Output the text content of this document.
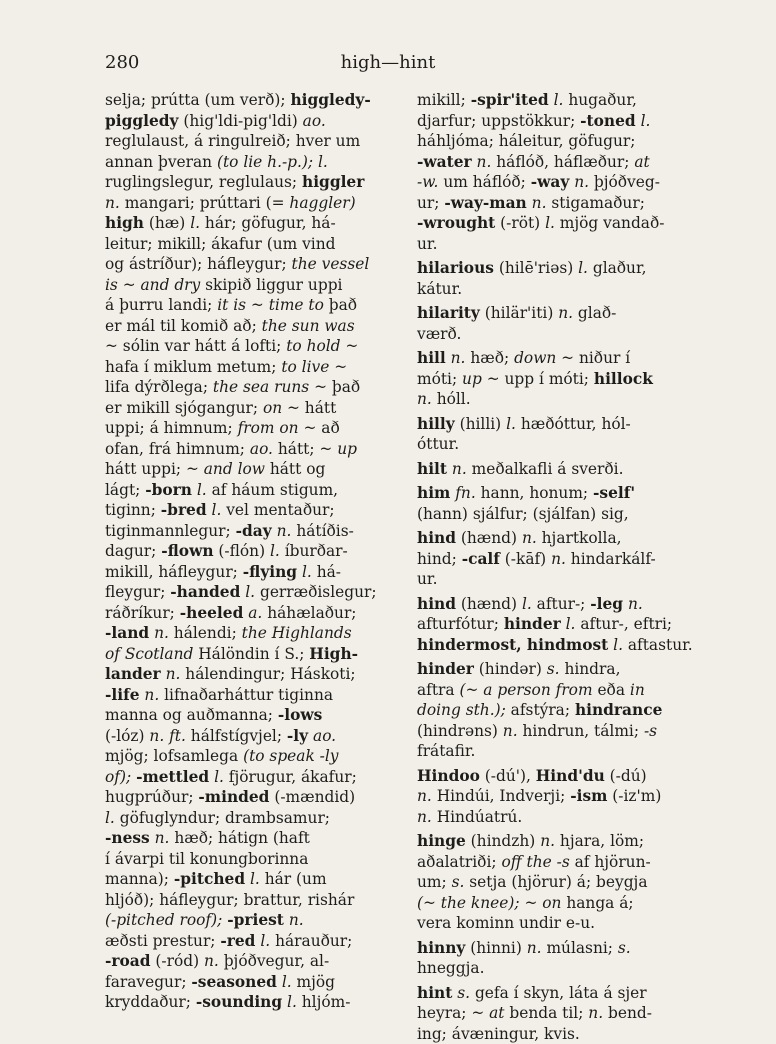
280	high—hint
selja; prútta (um verð); higgledy-
piggledy (hig'ldi-pig'ldi) ao.
reglulaust, á ringulreið; hver um
annan þveran (to lie h.-p.); l.
ruglingslegur, reglulaus; higgler
n. mangari; prúttari (= haggler)
high (hæ) l. hár; göfugur, há-
leitur; mikill; ákafur (um vind
og ástríður); háfleygur; the vessel
is ~ and dry skipið liggur uppi
á þurru landi; it is ~ time to það
er mál til komið að; the sun was
~ sólin var hátt á lofti; to hold ~
hafa í miklum metum; to live ~
lifa dýrðlega; the sea runs ~ það
er mikill sjógangur; on ~ hátt
uppi; á himnum; from on ~ að
ofan, frá himnum; ao. hátt; ~ up
hátt uppi; ~ and low hátt og
lágt; -born l. af háum stigum,
tiginn; -bred l. vel mentaður;
tiginmannlegur; -day n. hátíðis-
dagur; -flown (-flón) l. íburðar-
mikill, háfleygur; -flying l. há-
fleygur; -handed l. gerræðislegur;
ráðríkur; -heeled a. háhælaður;
-land n. hálendi; the Highlands
of Scotland Hálöndin í S.; High-
lander n. hálendingur; Háskoti;
-life n. lifnaðarháttur tiginna
manna og auðmanna; -lows
(-lóz) n. ft. hálfstígvjel; -ly ao.
mjög; lofsamlega (to speak -ly
of); -mettled l. fjörugur, ákafur;
hugprúður; -minded (-mændid)
l. göfuglyndur; drambsamur;
-ness n. hæð; hátign (haft
í ávarpi til konungborinna
manna); -pitched l. hár (um
hljóð); háfleygur; brattur, rishár
(-pitched roof); -priest n.
æðsti prestur; -red l. hárauður;
-road (-ród) n. þjóðvegur, al-
faravegur; -seasoned l. mjög
kryddaður; -sounding l. hljóm-
mikill; -spir'ited l. hugaður,
djarfur; uppstökkur; -toned l.
háhljóma; háleitur, göfugur;
-water n. háflóð, háflæður; at
-w. um háflóð; -way n. þjóðveg-
ur; -way-man n. stigamaður;
-wrought (-röt) l. mjög vandað-
ur.
hilarious (hilē'riəs) l. glaður,
kátur.
hilarity (hilär'iti) n. glað-
værð.
hill n. hæð; down ~ niður í
móti; up ~ upp í móti; hillock
n. hóll.
hilly (hilli) l. hæðóttur, hól-
óttur.
hilt n. meðalkafli á sverði.
him fn. hann, honum; -self'
(hann) sjálfur; (sjálfan) sig,
hind (hænd) n. hjartkolla,
hind; -calf (-kāf) n. hindarkálf-
ur.
hind (hænd) l. aftur-; -leg n.
afturfótur; hinder l. aftur-, eftri;
hindermost, hindmost l. aftastur.
hinder (hindər) s. hindra,
aftra (~ a person from eða in
doing sth.); afstýra; hindrance
(hindrəns) n. hindrun, tálmi; -s
frátafir.
Hindoo (-dú'), Hind'du (-dú)
n. Hindúi, Indverji; -ism (-iz'm)
n. Hindúatrú.
hinge (hindzh) n. hjara, löm;
aðalatriði; off the -s af hjörun-
um; s. setja (hjörur) á; beygja
(~ the knee); ~ on hanga á;
vera kominn undir e-u.
hinny (hinni) n. múlasni; s.
hneggja.
hint s. gefa í skyn, láta á sjer
heyra; ~ at benda til; n. bend-
ing; ávæningur, kvis.
